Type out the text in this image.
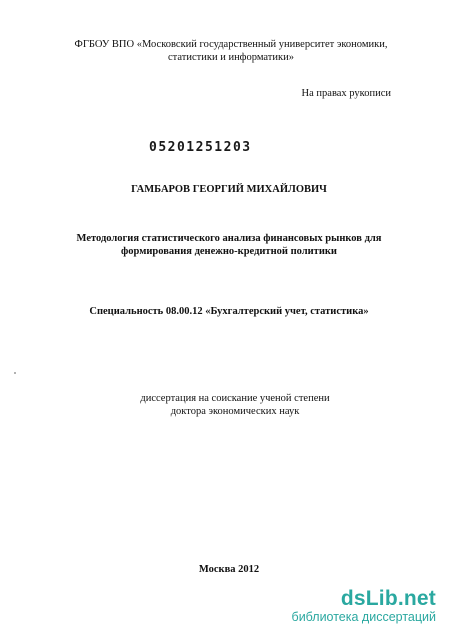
ФГБОУ ВПО «Московский государственный университет экономики,
статистики и информатики»
На правах рукописи
05201251203
ГАМБАРОВ ГЕОРГИЙ МИХАЙЛОВИЧ
Методология статистического анализа финансовых рынков для
формирования денежно-кредитной политики
Специальность 08.00.12 «Бухгалтерский учет, статистика»
диссертация на соискание ученой степени
доктора экономических наук
Москва 2012
dsLib.net
библиотека диссертаций
